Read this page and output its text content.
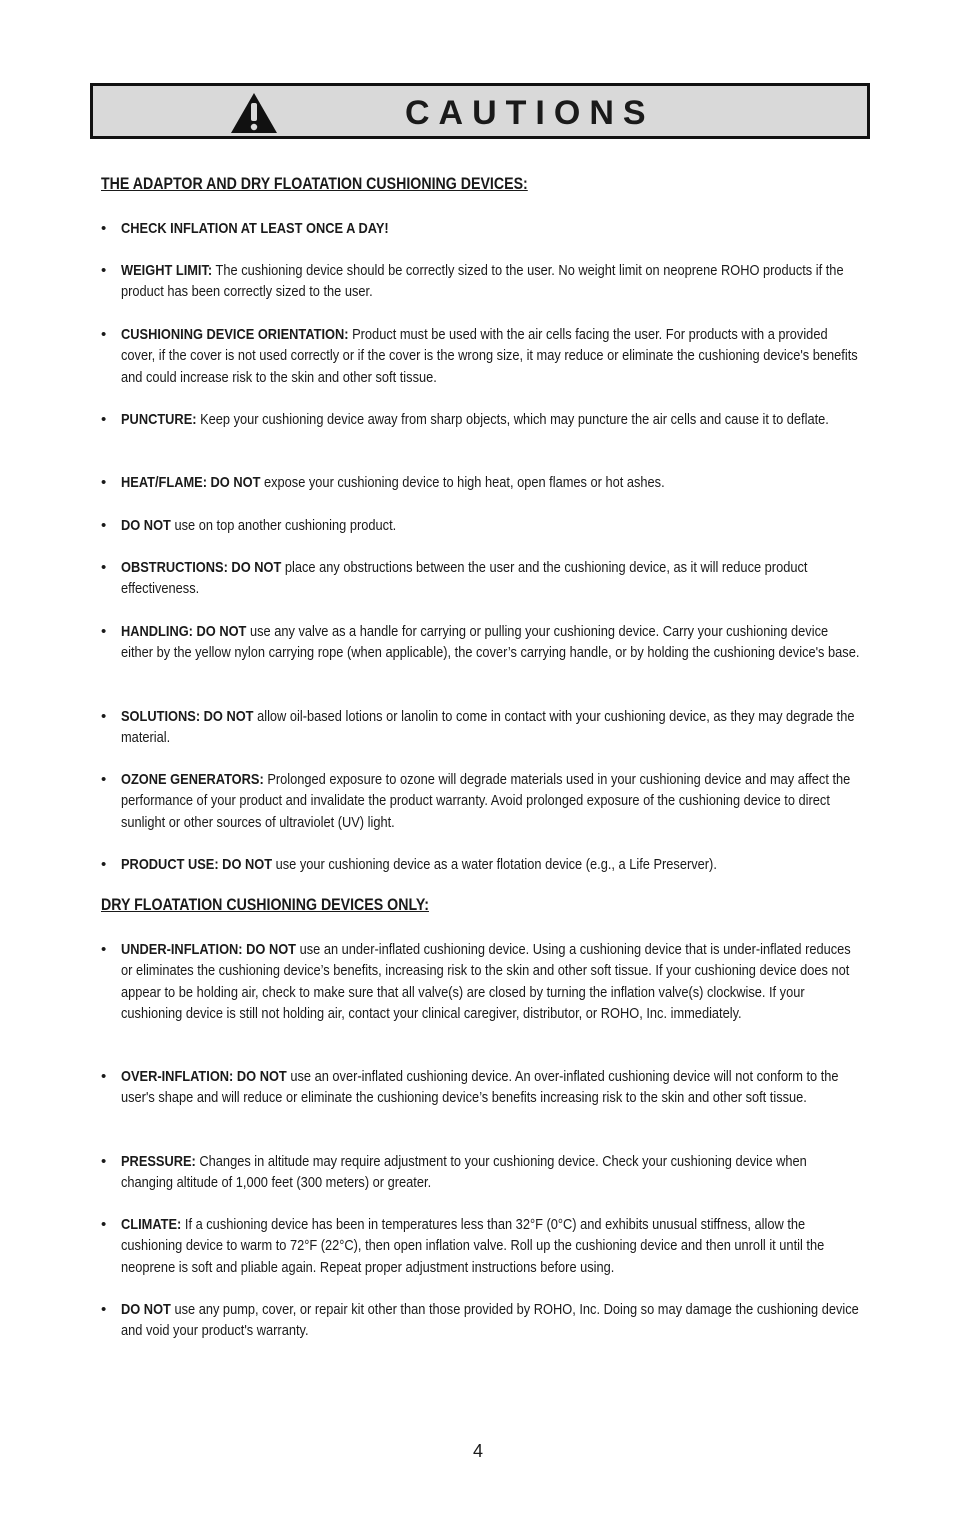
CAUTIONS
THE ADAPTOR AND DRY FLOATATION CUSHIONING DEVICES:
• CHECK INFLATION AT LEAST ONCE A DAY!
• WEIGHT LIMIT: The cushioning device should be correctly sized to the user. No weight limit on neoprene ROHO products if the product has been correctly sized to the user.
• CUSHIONING DEVICE ORIENTATION: Product must be used with the air cells facing the user. For products with a provided cover, if the cover is not used correctly or if the cover is the wrong size, it may reduce or eliminate the cushioning device's benefits and could increase risk to the skin and other soft tissue.
• PUNCTURE: Keep your cushioning device away from sharp objects, which may puncture the air cells and cause it to deflate.
• HEAT/FLAME: DO NOT expose your cushioning device to high heat, open flames or hot ashes.
• DO NOT use on top another cushioning product.
• OBSTRUCTIONS: DO NOT place any obstructions between the user and the cushioning device, as it will reduce product effectiveness.
• HANDLING: DO NOT use any valve as a handle for carrying or pulling your cushioning device. Carry your cushioning device either by the yellow nylon carrying rope (when applicable), the cover’s carrying handle, or by holding the cushioning device's base.
• SOLUTIONS: DO NOT allow oil-based lotions or lanolin to come in contact with your cushioning device, as they may degrade the material.
• OZONE GENERATORS: Prolonged exposure to ozone will degrade materials used in your cushioning device and may affect the performance of your product and invalidate the product warranty. Avoid prolonged exposure of the cushioning device to direct sunlight or other sources of ultraviolet (UV) light.
• PRODUCT USE: DO NOT use your cushioning device as a water flotation device (e.g., a Life Preserver).
DRY FLOATATION CUSHIONING DEVICES ONLY:
• UNDER-INFLATION: DO NOT use an under-inflated cushioning device. Using a cushioning device that is under-inflated reduces or eliminates the cushioning device’s benefits, increasing risk to the skin and other soft tissue. If your cushioning device does not appear to be holding air, check to make sure that all valve(s) are closed by turning the inflation valve(s) clockwise. If your cushioning device is still not holding air, contact your clinical caregiver, distributor, or ROHO, Inc. immediately.
• OVER-INFLATION: DO NOT use an over-inflated cushioning device. An over-inflated cushioning device will not conform to the user's shape and will reduce or eliminate the cushioning device’s benefits increasing risk to the skin and other soft tissue.
• PRESSURE: Changes in altitude may require adjustment to your cushioning device. Check your cushioning device when changing altitude of 1,000 feet (300 meters) or greater.
• CLIMATE: If a cushioning device has been in temperatures less than 32°F (0°C) and exhibits unusual stiffness, allow the cushioning device to warm to 72°F (22°C), then open inflation valve. Roll up the cushioning device and then unroll it until the neoprene is soft and pliable again. Repeat proper adjustment instructions before using.
• DO NOT use any pump, cover, or repair kit other than those provided by ROHO, Inc. Doing so may damage the cushioning device and void your product's warranty.
4
